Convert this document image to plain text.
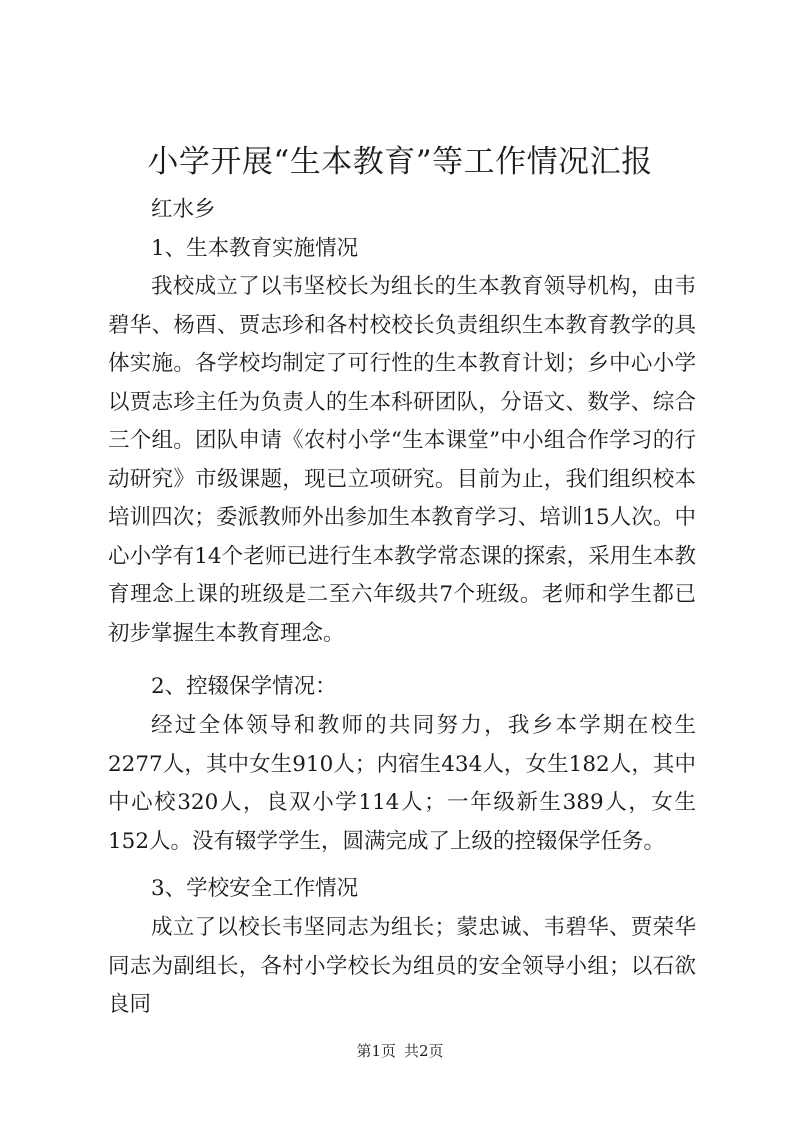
小学开展“生本教育”等工作情况汇报

红水乡

1、生本教育实施情况

我校成立了以韦坚校长为组长的生本教育领导机构，由韦碧华、杨酉、贾志珍和各村校校长负责组织生本教育教学的具体实施。各学校均制定了可行性的生本教育计划；乡中心小学以贾志珍主任为负责人的生本科研团队，分语文、数学、综合三个组。团队申请《农村小学“生本课堂”中小组合作学习的行动研究》市级课题，现已立项研究。目前为止，我们组织校本培训四次；委派教师外出参加生本教育学习、培训15人次。中心小学有14个老师已进行生本教学常态课的探索，采用生本教育理念上课的班级是二至六年级共7个班级。老师和学生都已初步掌握生本教育理念。

2、控辍保学情况：

经过全体领导和教师的共同努力，我乡本学期在校生2277人，其中女生910人；内宿生434人，女生182人，其中中心校320人，良双小学114人；一年级新生389人，女生152人。没有辍学学生，圆满完成了上级的控辍保学任务。

3、学校安全工作情况

成立了以校长韦坚同志为组长；蒙忠诚、韦碧华、贾荣华同志为副组长，各村小学校长为组员的安全领导小组；以石欲良同

第1页 共2页
